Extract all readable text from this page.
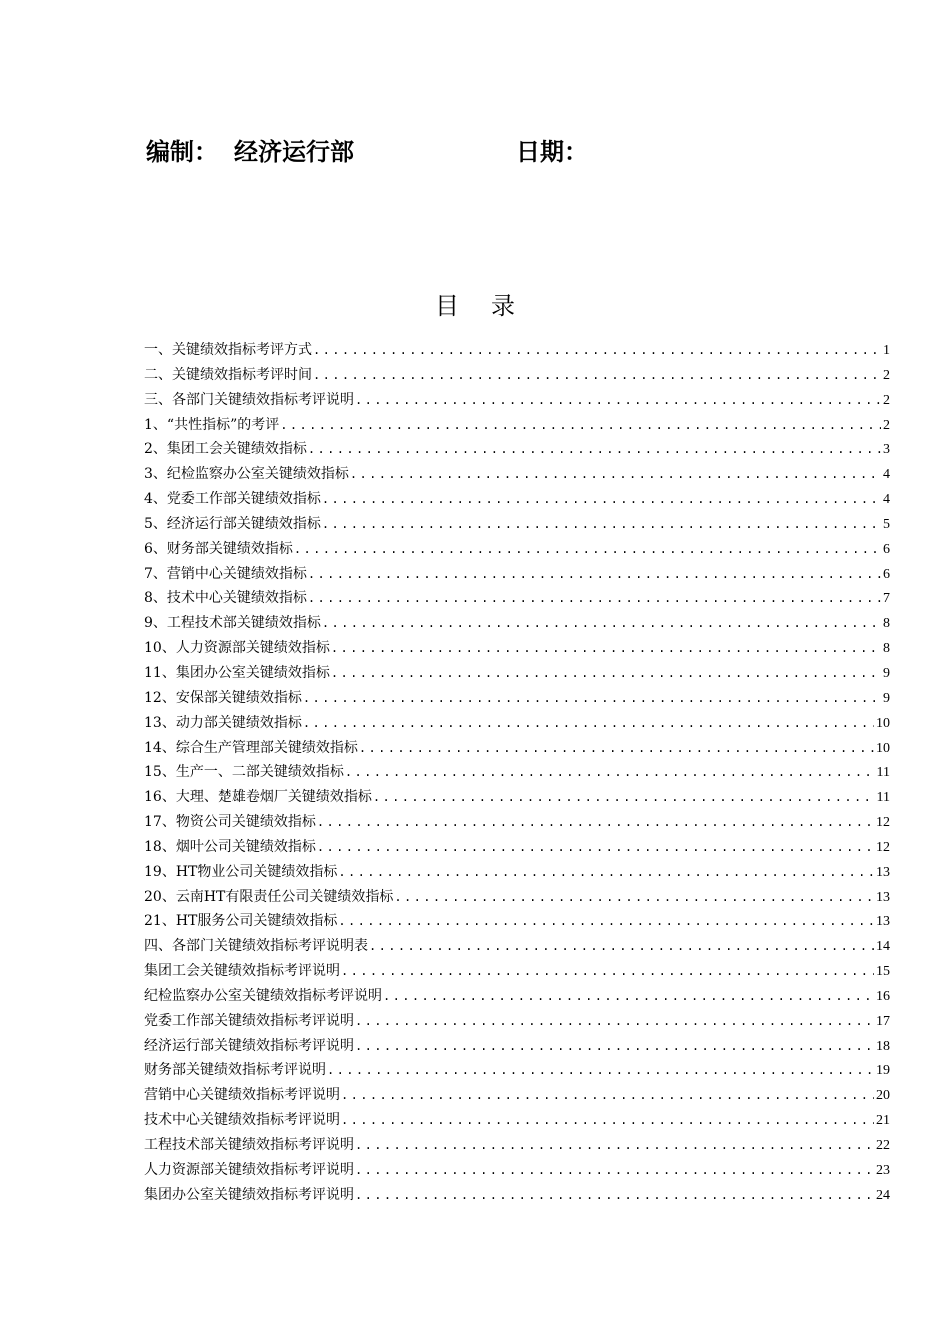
编制： 经济运行部	日期：
目录
一、关键绩效指标考评方式 .....	1
二、关键绩效指标考评时间 .....	2
三、各部门关键绩效指标考评说明 .....	2
1、“共性指标”的考评 .....	2
2、集团工会关键绩效指标 .....	3
3、纪检监察办公室关键绩效指标 .....	4
4、党委工作部关键绩效指标 .....	4
5、经济运行部关键绩效指标 .....	5
6、财务部关键绩效指标 .....	6
7、营销中心关键绩效指标 .....	6
8、技术中心关键绩效指标 .....	7
9、工程技术部关键绩效指标 .....	8
10、人力资源部关键绩效指标 .....	8
11、集团办公室关键绩效指标 .....	9
12、安保部关键绩效指标 .....	9
13、动力部关键绩效指标 .....	10
14、综合生产管理部关键绩效指标 .....	10
15、生产一、二部关键绩效指标 .....	11
16、大理、楚雄卷烟厂关键绩效指标 .....	11
17、物资公司关键绩效指标 .....	12
18、烟叶公司关键绩效指标 .....	12
19、HT物业公司关键绩效指标 .....	13
20、云南HT有限责任公司关键绩效指标 .....	13
21、HT服务公司关键绩效指标 .....	13
四、各部门关键绩效指标考评说明表 .....	14
集团工会关键绩效指标考评说明 .....	15
纪检监察办公室关键绩效指标考评说明 .....	16
党委工作部关键绩效指标考评说明 .....	17
经济运行部关键绩效指标考评说明 .....	18
财务部关键绩效指标考评说明 .....	19
营销中心关键绩效指标考评说明 .....	20
技术中心关键绩效指标考评说明 .....	21
工程技术部关键绩效指标考评说明 .....	22
人力资源部关键绩效指标考评说明 .....	23
集团办公室关键绩效指标考评说明 .....	24
